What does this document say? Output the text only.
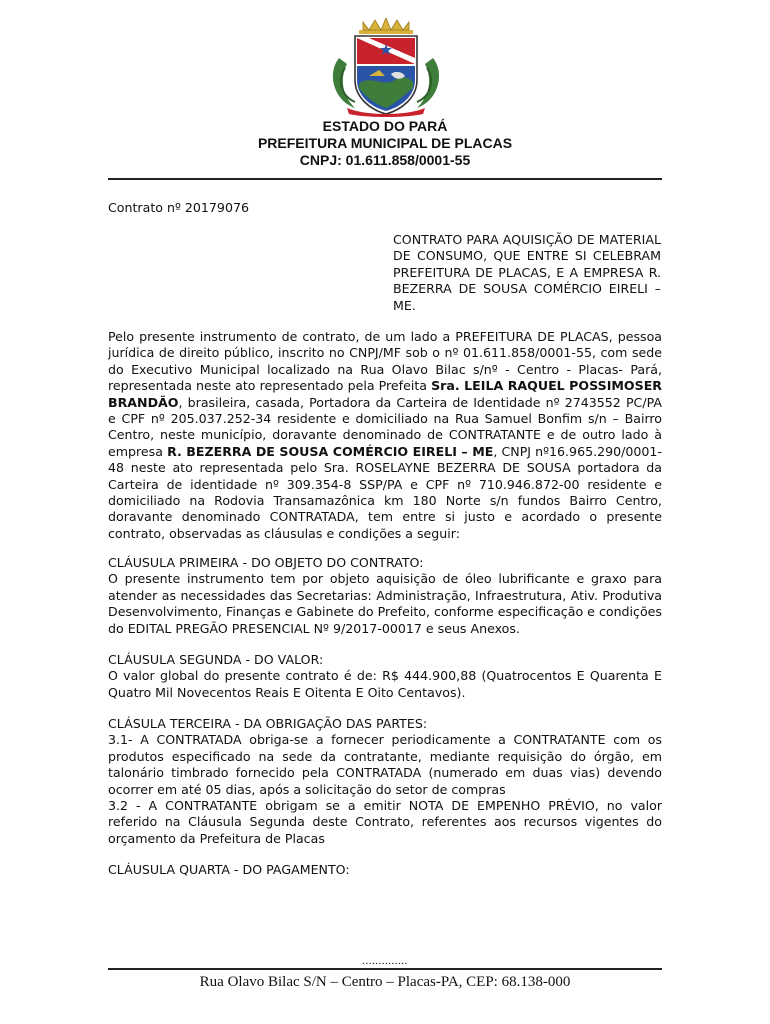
ESTADO DO PARÁ
PREFEITURA MUNICIPAL DE PLACAS
CNPJ: 01.611.858/0001-55
Contrato nº 20179076
CONTRATO PARA AQUISIÇÃO DE MATERIAL DE CONSUMO, QUE ENTRE SI CELEBRAM PREFEITURA DE PLACAS, E A EMPRESA R. BEZERRA DE SOUSA COMÉRCIO EIRELI – ME.
Pelo presente instrumento de contrato, de um lado a PREFEITURA DE PLACAS, pessoa jurídica de direito público, inscrito no CNPJ/MF sob o nº 01.611.858/0001-55, com sede do Executivo Municipal localizado na Rua Olavo Bilac s/nº - Centro - Placas- Pará, representada neste ato representado pela Prefeita Sra. LEILA RAQUEL POSSIMOSER BRANDÃO, brasileira, casada, Portadora da Carteira de Identidade nº 2743552 PC/PA e CPF nº 205.037.252-34 residente e domiciliado na Rua Samuel Bonfim s/n – Bairro Centro, neste município, doravante denominado de CONTRATANTE e de outro lado à empresa R. BEZERRA DE SOUSA COMÉRCIO EIRELI – ME, CNPJ nº16.965.290/0001-48 neste ato representada pelo Sra. ROSELAYNE BEZERRA DE SOUSA portadora da Carteira de identidade nº 309.354-8 SSP/PA e CPF nº 710.946.872-00 residente e domiciliado na Rodovia Transamazônica km 180 Norte s/n fundos Bairro Centro, doravante denominado CONTRATADA, tem entre si justo e acordado o presente contrato, observadas as cláusulas e condições a seguir:
CLÁUSULA PRIMEIRA - DO OBJETO DO CONTRATO:
O presente instrumento tem por objeto aquisição de óleo lubrificante e graxo para atender as necessidades das Secretarias: Administração, Infraestrutura, Ativ. Produtiva Desenvolvimento, Finanças e Gabinete do Prefeito, conforme especificação e condições do EDITAL PREGÃO PRESENCIAL Nº 9/2017-00017 e seus Anexos.
CLÁUSULA SEGUNDA - DO VALOR:
O valor global do presente contrato é de: R$ 444.900,88 (Quatrocentos E Quarenta E Quatro Mil Novecentos Reais E Oitenta E Oito Centavos).
CLÁSULA TERCEIRA - DA OBRIGAÇÃO DAS PARTES:

3.1- A CONTRATADA obriga-se a fornecer periodicamente a CONTRATANTE com os produtos especificado na sede da contratante, mediante requisição do órgão, em talonário timbrado fornecido pela CONTRATADA (numerado em duas vias) devendo ocorrer em até 05 dias, após a solicitação do setor de compras

3.2 - A CONTRATANTE obrigam se a emitir NOTA DE EMPENHO PRÉVIO, no valor referido na Cláusula Segunda deste Contrato, referentes aos recursos vigentes do orçamento da Prefeitura de Placas

CLÁUSULA QUARTA - DO PAGAMENTO:
..............
Rua Olavo Bilac S/N – Centro – Placas-PA, CEP: 68.138-000
